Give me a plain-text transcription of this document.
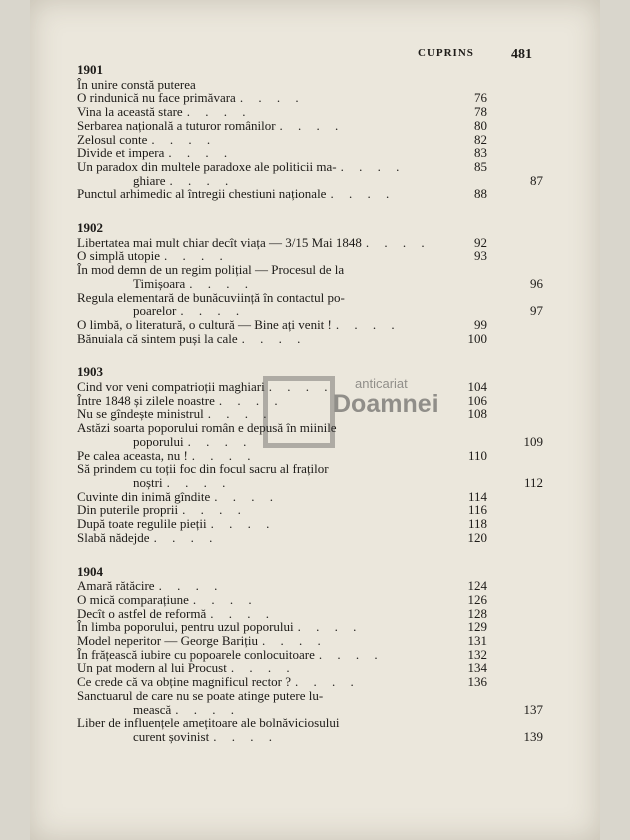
CUPRINS	481
1901
În unire constă puterea
O rindunică nu face primăvara . . . .	76
Vina la această stare . . . .	78
Serbarea națională a tuturor românilor . . . .	80
Zelosul conte . . . .	82
Divide et impera . . . .	83
Un paradox din multele paradoxe ale politicii ma- . . . .	85
ghiare . . . .	87
Punctul arhimedic al întregii chestiuni naționale . . . .	88
1902
Libertatea mai mult chiar decît viața — 3/15 Mai 1848 . . . .	92
O simplă utopie . . . .	93
În mod demn de un regim polițial — Procesul de la
Timișoara . . . .	96
Regula elementară de bunăcuviință în contactul po-
poarelor . . . .	97
O limbă, o literatură, o cultură — Bine ați venit ! . . . .	99
Bănuiala că sintem puși la cale . . . .	100
1903
Cind vor veni compatrioții maghiari . . . .	104
Între 1848 și zilele noastre . . . .	106
Nu se gîndește ministrul . . . .	108
Astăzi soarta poporului român e depusă în miinile
poporului . . . .	109
Pe calea aceasta, nu ! . . . .	110
Să prindem cu toții foc din focul sacru al fraților
noștri . . . .	112
Cuvinte din inimă gîndite . . . .	114
Din puterile proprii . . . .	116
După toate regulile pieții . . . .	118
Slabă nădejde . . . .	120
1904
Amară rătăcire . . . .	124
O mică comparațiune . . . .	126
Decît o astfel de reformă . . . .	128
În limba poporului, pentru uzul poporului . . . .	129
Model neperitor — George Barițiu . . . .	131
În frățească iubire cu popoarele conlocuitoare . . . .	132
Un pat modern al lui Procust . . . .	134
Ce crede că va obține magnificul rector ? . . . .	136
Sanctuarul de care nu se poate atinge putere lu-
mească . . . .	137
Liber de influențele amețitoare ale bolnăviciosului
curent șovinist . . . .	139
anticariat
Doamnei
